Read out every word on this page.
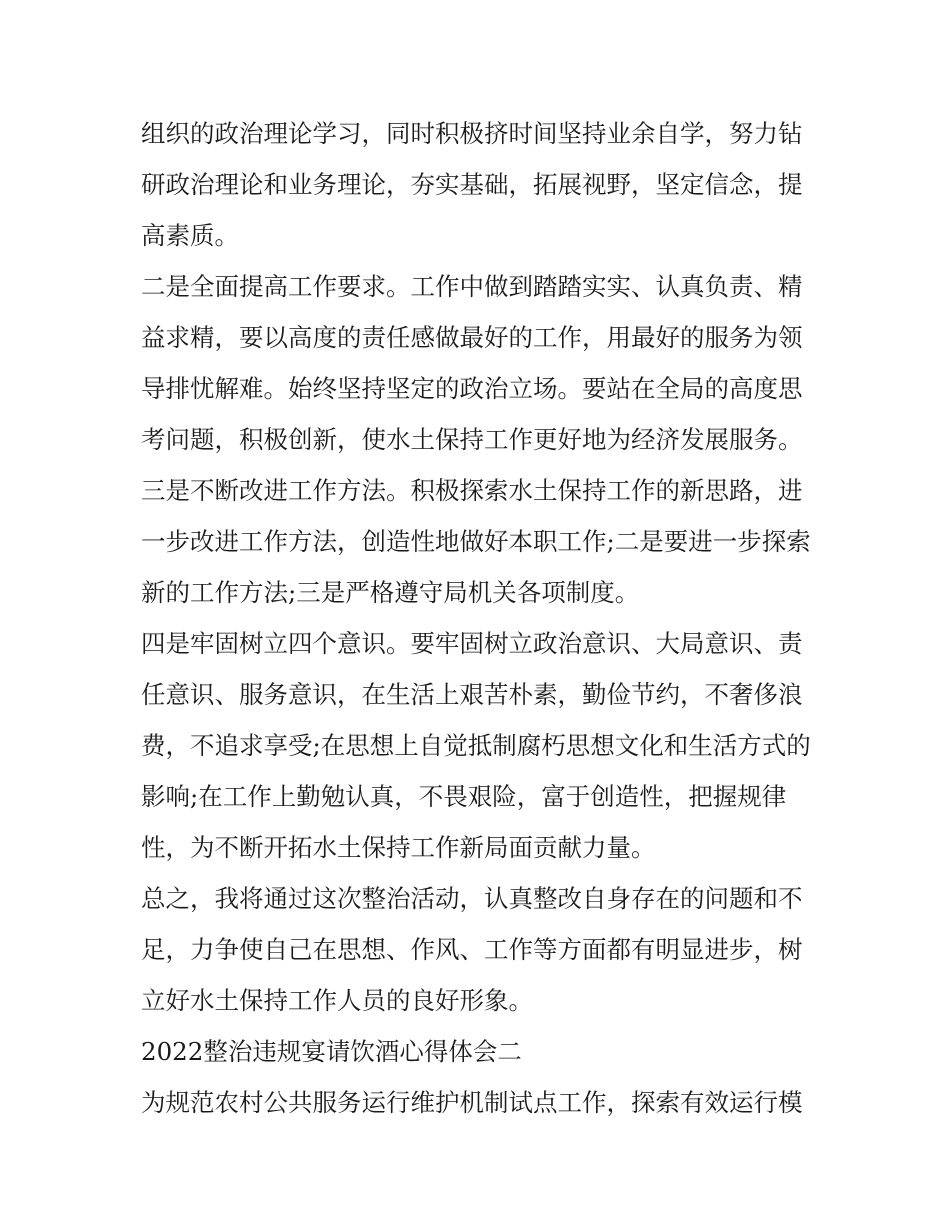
组织的政治理论学习，同时积极挤时间坚持业余自学，努力钻研政治理论和业务理论，夯实基础，拓展视野，坚定信念，提高素质。

二是全面提高工作要求。工作中做到踏踏实实、认真负责、精益求精，要以高度的责任感做最好的工作，用最好的服务为领导排忧解难。始终坚持坚定的政治立场。要站在全局的高度思考问题，积极创新，使水土保持工作更好地为经济发展服务。

三是不断改进工作方法。积极探索水土保持工作的新思路，进一步改进工作方法，创造性地做好本职工作;二是要进一步探索新的工作方法;三是严格遵守局机关各项制度。

四是牢固树立四个意识。要牢固树立政治意识、大局意识、责任意识、服务意识，在生活上艰苦朴素，勤俭节约，不奢侈浪费，不追求享受;在思想上自觉抵制腐朽思想文化和生活方式的影响;在工作上勤勉认真，不畏艰险，富于创造性，把握规律性，为不断开拓水土保持工作新局面贡献力量。

总之，我将通过这次整治活动，认真整改自身存在的问题和不足，力争使自己在思想、作风、工作等方面都有明显进步，树立好水土保持工作人员的良好形象。

2022整治违规宴请饮酒心得体会二

为规范农村公共服务运行维护机制试点工作，探索有效运行模
